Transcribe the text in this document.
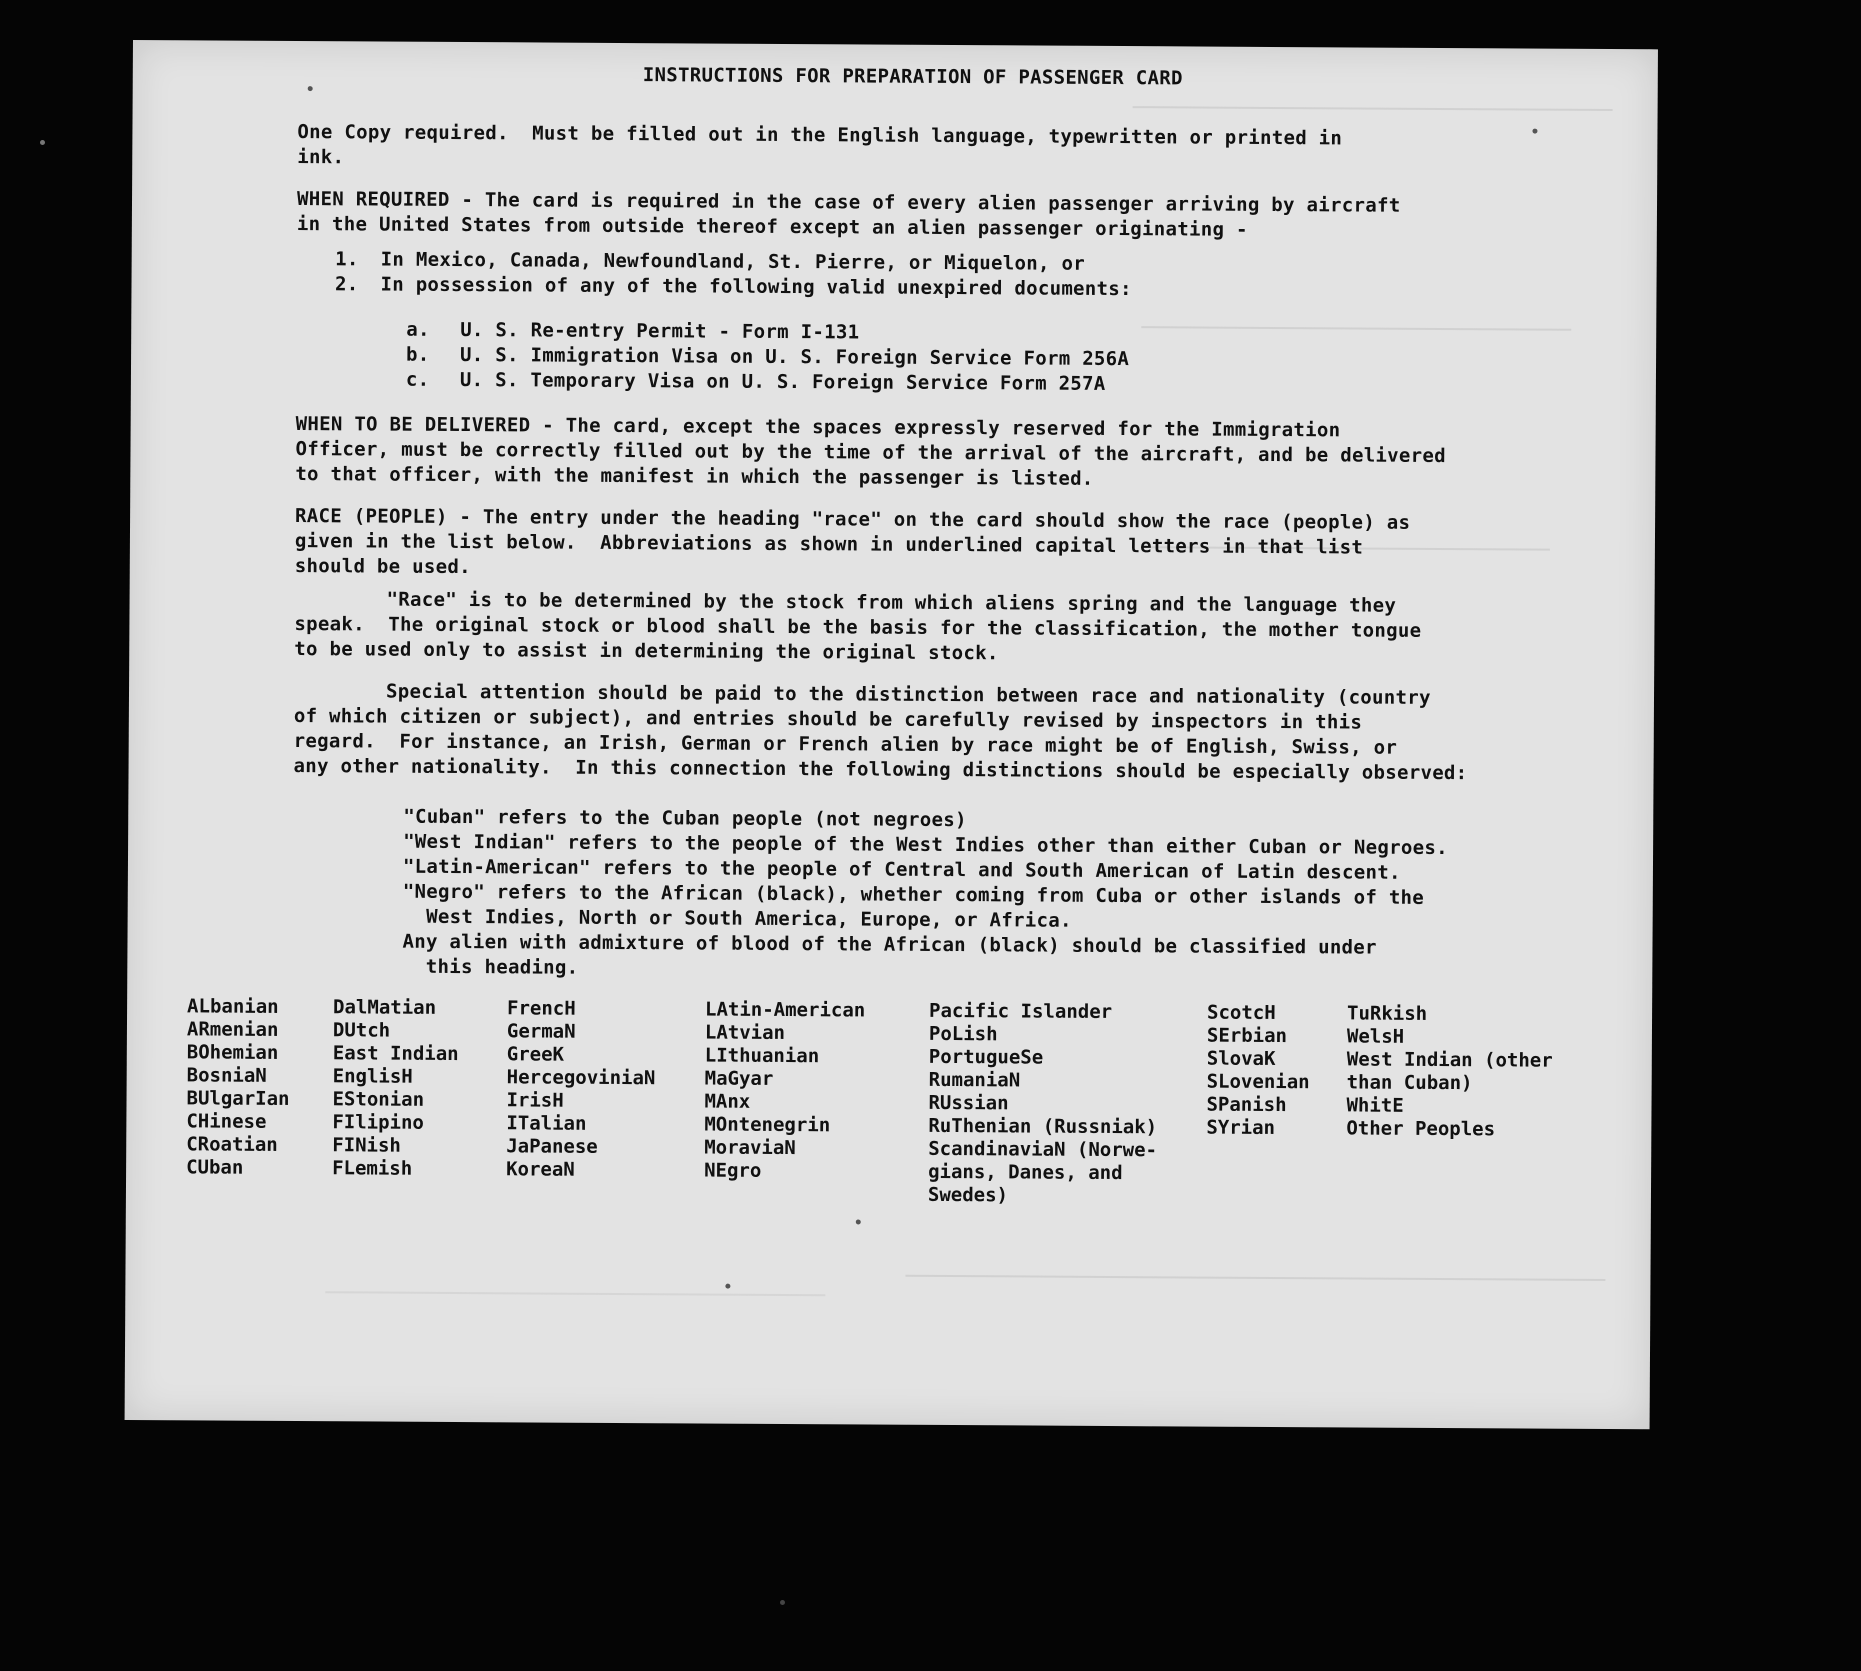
INSTRUCTIONS FOR PREPARATION OF PASSENGER CARD

One Copy required.  Must be filled out in the English language, typewritten or printed in
ink.

WHEN REQUIRED - The card is required in the case of every alien passenger arriving by aircraft
in the United States from outside thereof except an alien passenger originating -

1. In Mexico, Canada, Newfoundland, St. Pierre, or Miquelon, or
2. In possession of any of the following valid unexpired documents:
a. U. S. Re-entry Permit - Form I-131
b. U. S. Immigration Visa on U. S. Foreign Service Form 256A
c. U. S. Temporary Visa on U. S. Foreign Service Form 257A

WHEN TO BE DELIVERED - The card, except the spaces expressly reserved for the Immigration
Officer, must be correctly filled out by the time of the arrival of the aircraft, and be delivered
to that officer, with the manifest in which the passenger is listed.

RACE (PEOPLE) - The entry under the heading "race" on the card should show the race (people) as
given in the list below.  Abbreviations as shown in underlined capital letters in that list
should be used.

"Race" is to be determined by the stock from which aliens spring and the language they
speak.  The original stock or blood shall be the basis for the classification, the mother tongue
to be used only to assist in determining the original stock.

Special attention should be paid to the distinction between race and nationality (country
of which citizen or subject), and entries should be carefully revised by inspectors in this
regard.  For instance, an Irish, German or French alien by race might be of English, Swiss, or
any other nationality.  In this connection the following distinctions should be especially observed:

"Cuban" refers to the Cuban people (not negroes)
"West Indian" refers to the people of the West Indies other than either Cuban or Negroes.
"Latin-American" refers to the people of Central and South American of Latin descent.
"Negro" refers to the African (black), whether coming from Cuba or other islands of the
West Indies, North or South America, Europe, or Africa.
Any alien with admixture of blood of the African (black) should be classified under
this heading.
ALbanian
ARmenian
BOhemian
BosniaN
BUlgarIan
CHinese
CRoatian
CUban
DalMatian
DUtch
East Indian
EnglisH
EStonian
FIlipino
FINish
FLemish
FrencH
GermaN
GreeK
HercegoviniaN
IrisH
ITalian
JaPanese
KoreaN
LAtin-American
LAtvian
LIthuanian
MaGyar
MAnx
MOntenegrin
MoraviaN
NEgro
Pacific Islander
PoLish
PortugueSe
RumaniaN
RUssian
RuThenian (Russniak)
ScandinaviaN (Norwe-
gians, Danes, and
Swedes)
ScotcH
SErbian
SlovaK
SLovenian
SPanish
SYrian
TuRkish
WelsH
West Indian (other
than Cuban)
WhitE
Other Peoples
